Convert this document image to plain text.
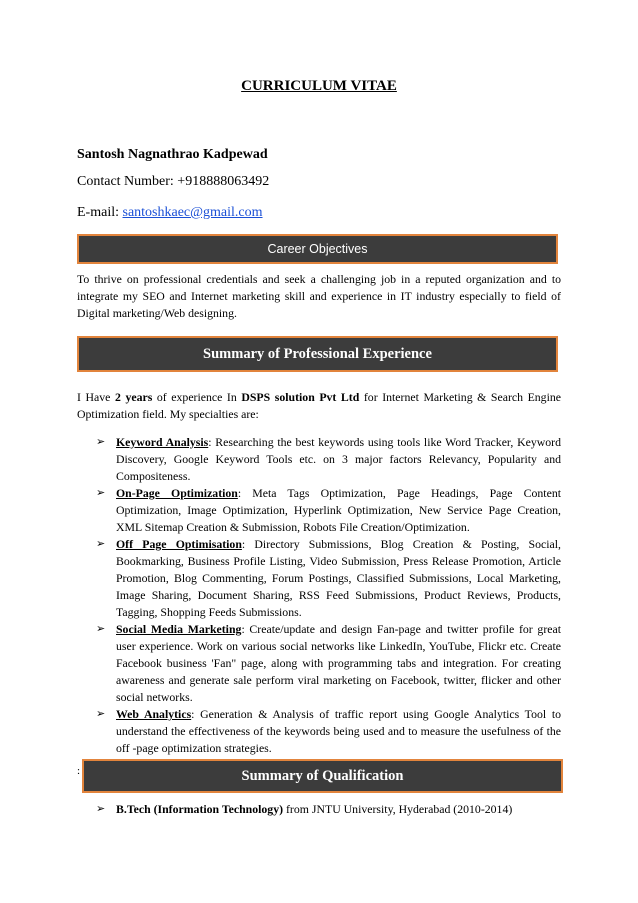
CURRICULUM VITAE
Santosh Nagnathrao Kadpewad
Contact Number: +918888063492
E-mail: santoshkaec@gmail.com
Career Objectives
To thrive on professional credentials and seek a challenging job in a reputed organization and to integrate my SEO and Internet marketing skill and experience in IT industry especially to field of Digital marketing/Web designing.
Summary of Professional Experience
I Have 2 years of experience In DSPS solution Pvt Ltd for Internet Marketing & Search Engine Optimization field. My specialties are:
➢ Keyword Analysis: Researching the best keywords using tools like Word Tracker, Keyword Discovery, Google Keyword Tools etc. on 3 major factors Relevancy, Popularity and Compositeness.
➢ On-Page Optimization: Meta Tags Optimization, Page Headings, Page Content Optimization, Image Optimization, Hyperlink Optimization, New Service Page Creation, XML Sitemap Creation & Submission, Robots File Creation/Optimization.
➢ Off Page Optimisation: Directory Submissions, Blog Creation & Posting, Social, Bookmarking, Business Profile Listing, Video Submission, Press Release Promotion, Article Promotion, Blog Commenting, Forum Postings, Classified Submissions, Local Marketing, Image Sharing, Document Sharing, RSS Feed Submissions, Product Reviews, Products, Tagging, Shopping Feeds Submissions.
➢ Social Media Marketing: Create/update and design Fan-page and twitter profile for great user experience. Work on various social networks like LinkedIn, YouTube, Flickr etc. Create Facebook business 'Fan" page, along with programming tabs and integration. For creating awareness and generate sale perform viral marketing on Facebook, twitter, flicker and other social networks.
➢ Web Analytics: Generation & Analysis of traffic report using Google Analytics Tool to understand the effectiveness of the keywords being used and to measure the usefulness of the off -page optimization strategies.
:	Summary of Qualification
➢ B.Tech (Information Technology) from JNTU University, Hyderabad (2010-2014)
